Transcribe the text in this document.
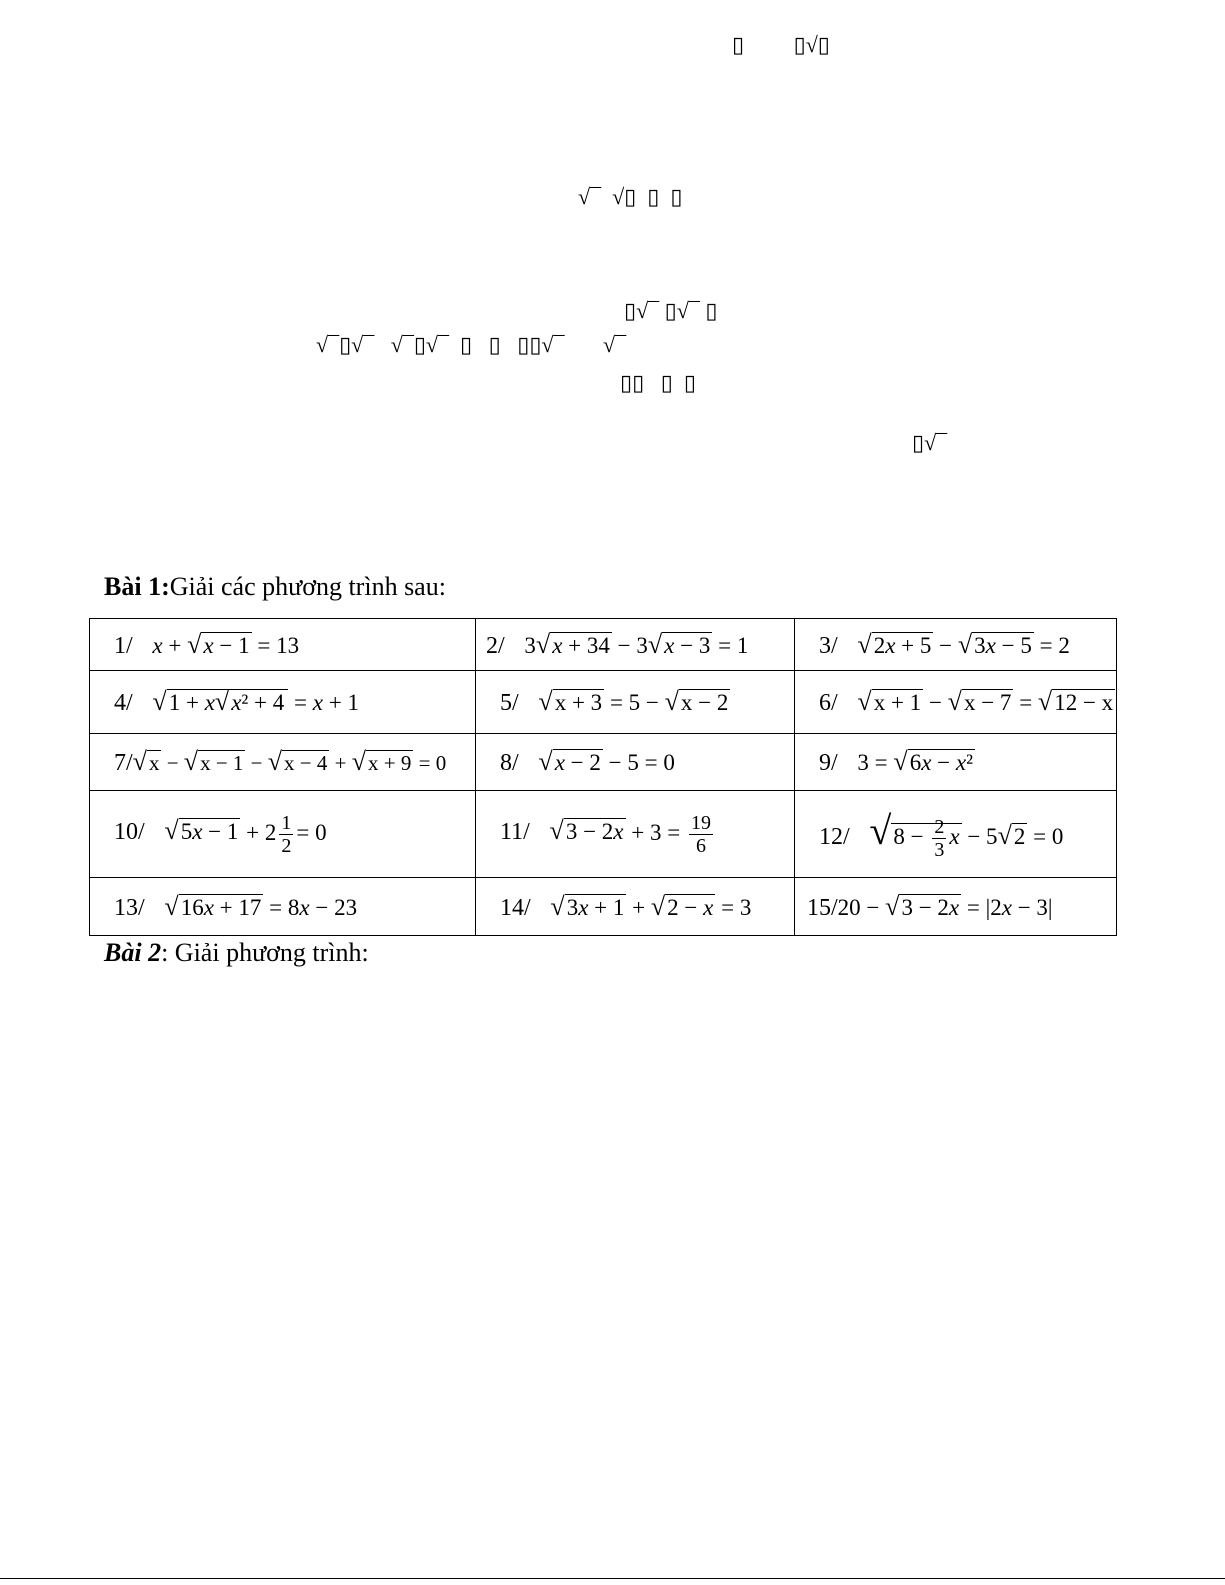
▯         ▯√▯
√¯  √▯  ▯  ▯
▯√¯ ▯√¯ ▯
√¯▯√¯   √¯▯√¯  ▯   ▯   ▯▯√¯       √¯
▯▯   ▯  ▯
▯√¯
Bài 1:Giải các phương trình sau:
1/ x + √x − 1 = 13	2/ 3√x + 34 − 3√x − 3 = 1	3/ √2x + 5 − √3x − 5 = 2
4/ √1 + x√x² + 4 = x + 1	5/ √x + 3 = 5 − √x − 2	6/ √x + 1 − √x − 7 = √12 − x
7/√x − √x − 1 − √x − 4 + √x + 9 = 0	8/ √x − 2 − 5 = 0	9/ 3 = √6x − x²
10/ $√5x - 1 + 2 \frac{1}{2} = 0$	11/ $√3 - 2x + 3 = \frac{19}{6}$	12/ $√8 - \frac{2}{3}$ x − 5√2 = 0
13/ √16x + 17 = 8x − 23	14/ √3x + 1 + √2 − x = 3	15/20 − √3 − 2x = |2x − 3|
Bài 2: Giải phương trình:
